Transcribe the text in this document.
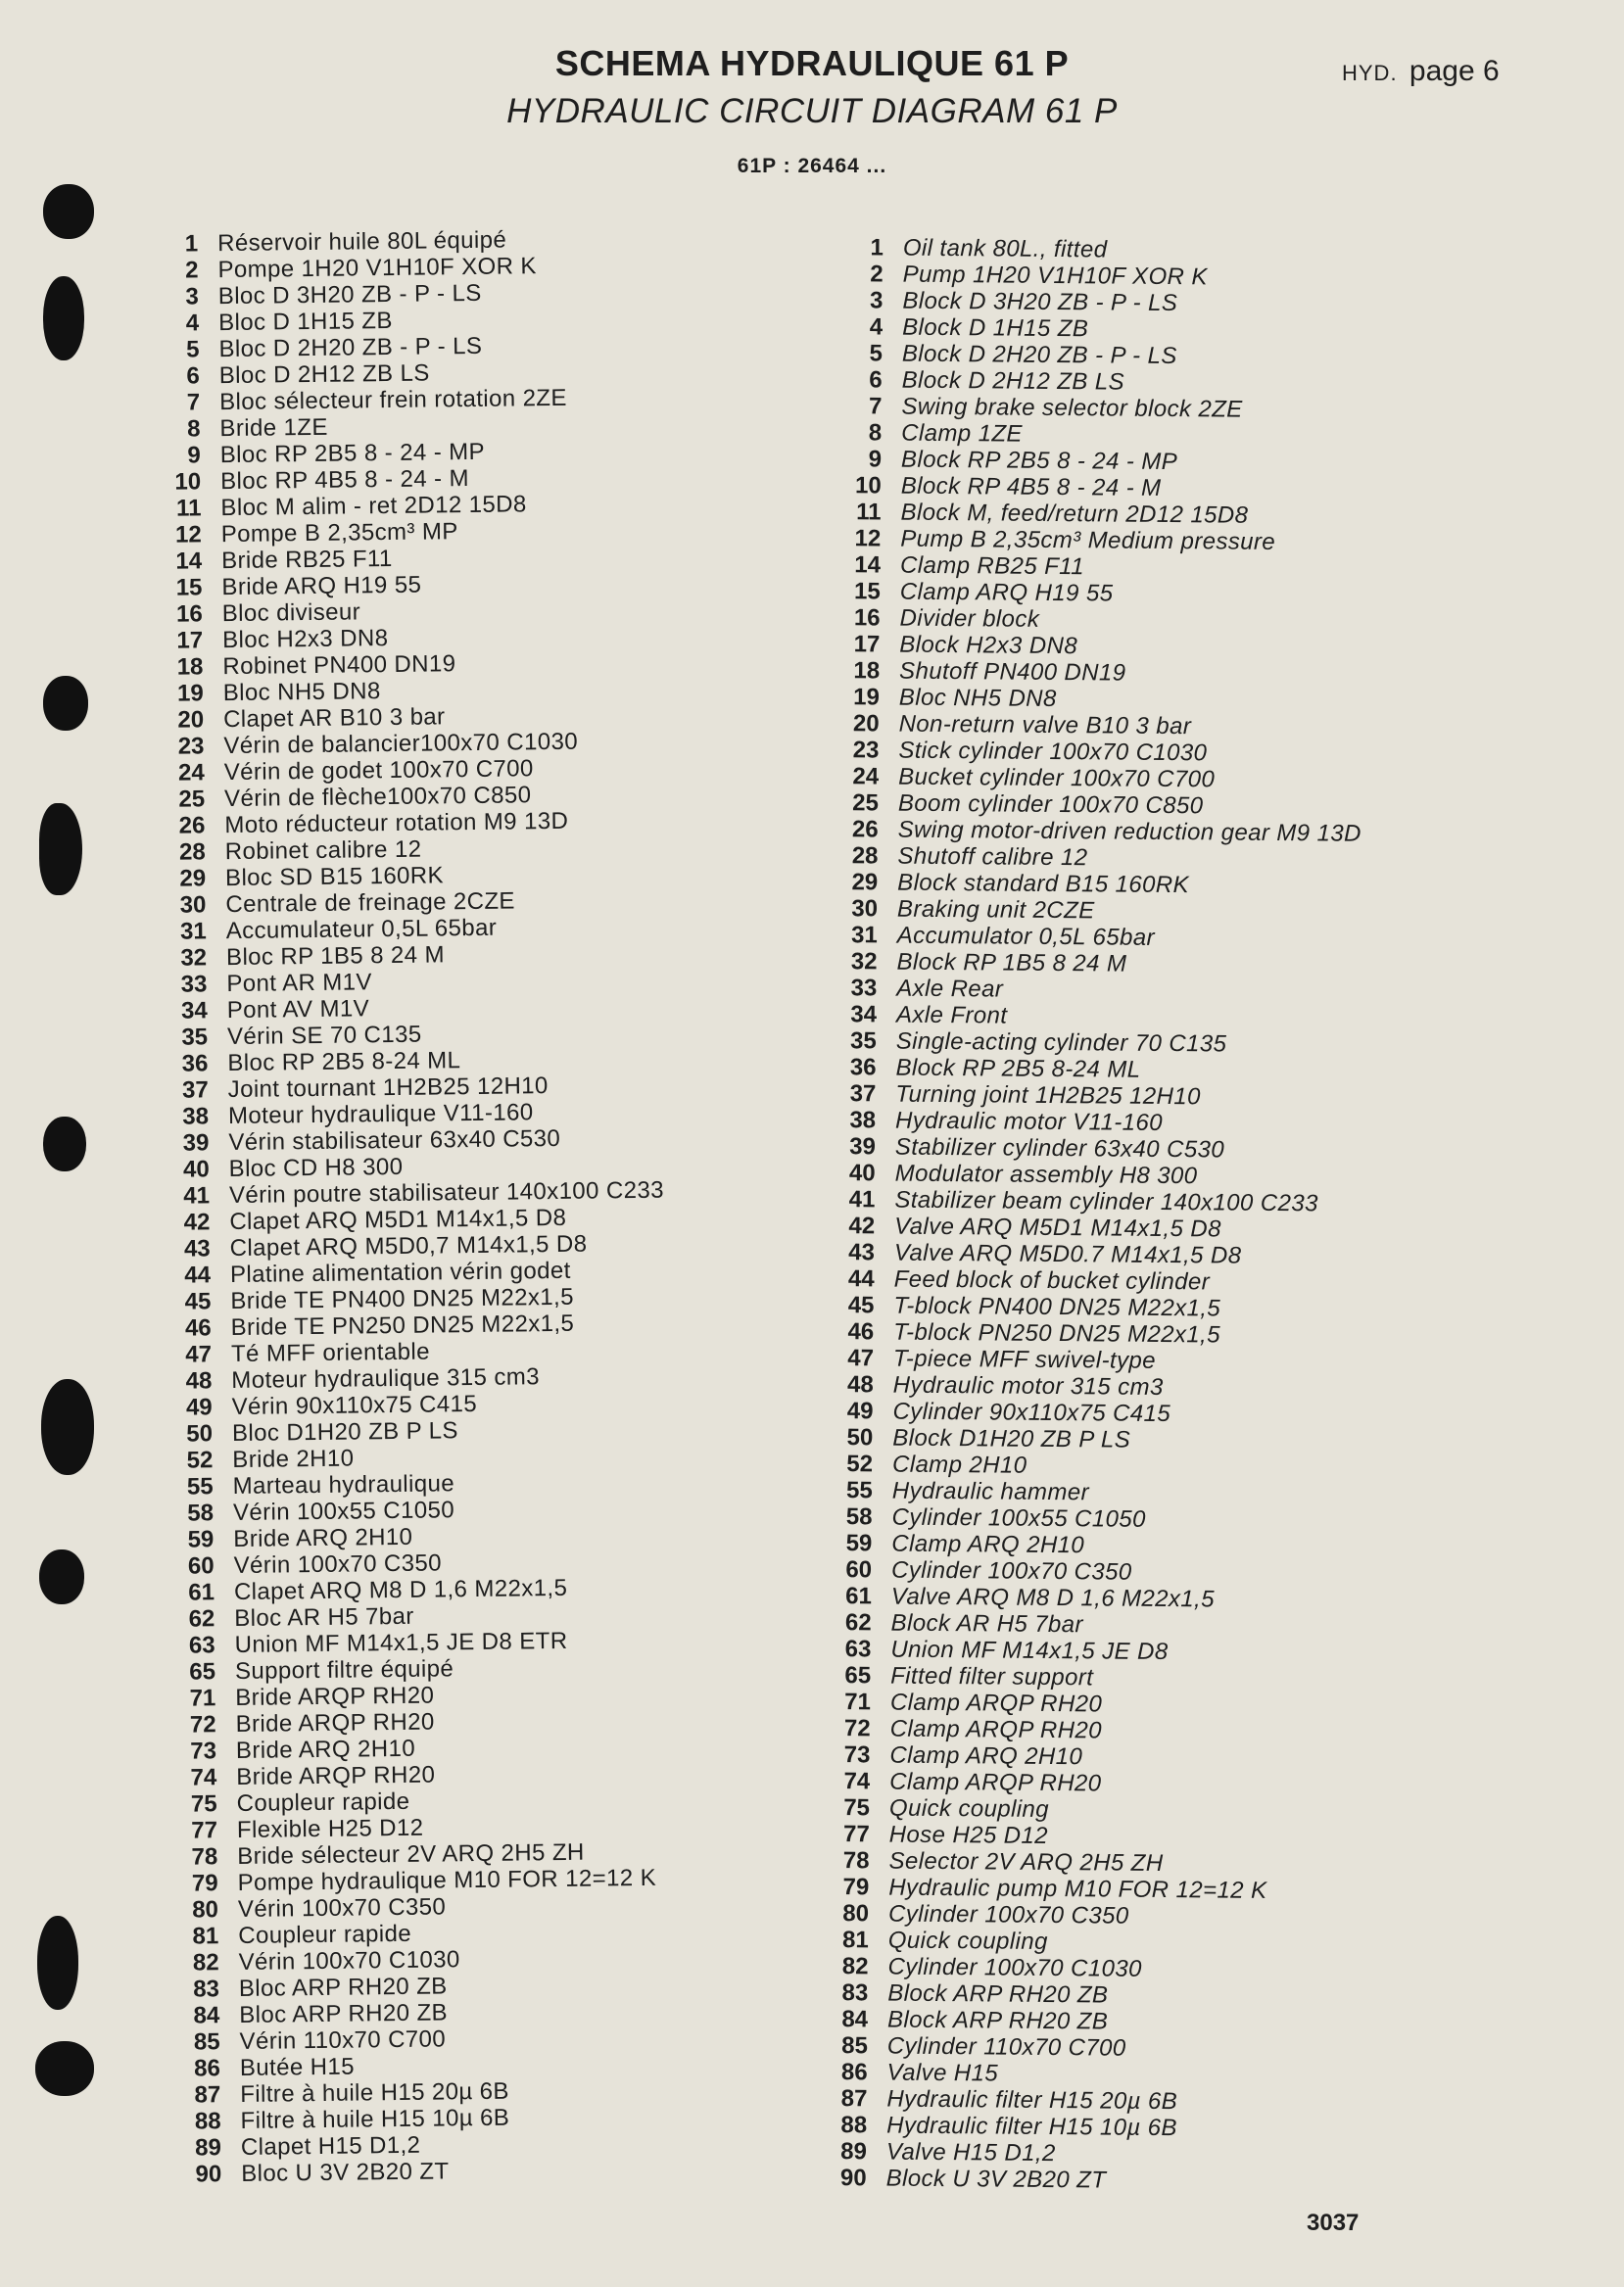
SCHEMA HYDRAULIQUE 61 P
HYDRAULIC CIRCUIT DIAGRAM 61 P
HYD. page 6
61P : 26464 ...
1 Réservoir huile 80L équipé
2 Pompe 1H20 V1H10F XOR K
3 Bloc D 3H20 ZB - P - LS
4 Bloc D 1H15 ZB
5 Bloc D 2H20 ZB - P - LS
6 Bloc D 2H12 ZB LS
7 Bloc sélecteur frein rotation 2ZE
8 Bride 1ZE
9 Bloc RP 2B5 8 - 24 - MP
10 Bloc RP 4B5 8 - 24 - M
11 Bloc M alim - ret 2D12 15D8
12 Pompe B 2,35cm³ MP
14 Bride RB25 F11
15 Bride ARQ H19 55
16 Bloc diviseur
17 Bloc H2x3 DN8
18 Robinet PN400 DN19
19 Bloc NH5 DN8
20 Clapet AR B10 3 bar
23 Vérin de balancier100x70 C1030
24 Vérin de godet 100x70 C700
25 Vérin de flèche100x70 C850
26 Moto réducteur rotation M9 13D
28 Robinet calibre 12
29 Bloc SD B15 160RK
30 Centrale de freinage 2CZE
31 Accumulateur 0,5L 65bar
32 Bloc RP 1B5 8 24 M
33 Pont AR M1V
34 Pont AV M1V
35 Vérin SE 70 C135
36 Bloc RP 2B5 8-24 ML
37 Joint tournant 1H2B25 12H10
38 Moteur hydraulique V11-160
39 Vérin stabilisateur 63x40 C530
40 Bloc CD H8 300
41 Vérin poutre stabilisateur 140x100 C233
42 Clapet ARQ M5D1 M14x1,5 D8
43 Clapet ARQ M5D0,7 M14x1,5 D8
44 Platine alimentation vérin godet
45 Bride TE PN400 DN25 M22x1,5
46 Bride TE PN250 DN25 M22x1,5
47 Té MFF orientable
48 Moteur hydraulique 315 cm3
49 Vérin 90x110x75 C415
50 Bloc D1H20 ZB P LS
52 Bride 2H10
55 Marteau hydraulique
58 Vérin 100x55 C1050
59 Bride ARQ 2H10
60 Vérin 100x70 C350
61 Clapet ARQ M8 D 1,6 M22x1,5
62 Bloc AR H5 7bar
63 Union MF M14x1,5 JE D8 ETR
65 Support filtre équipé
71 Bride ARQP RH20
72 Bride ARQP RH20
73 Bride ARQ 2H10
74 Bride ARQP RH20
75 Coupleur rapide
77 Flexible H25 D12
78 Bride sélecteur 2V ARQ 2H5 ZH
79 Pompe hydraulique M10 FOR 12=12 K
80 Vérin 100x70 C350
81 Coupleur rapide
82 Vérin 100x70 C1030
83 Bloc ARP RH20 ZB
84 Bloc ARP RH20 ZB
85 Vérin 110x70 C700
86 Butée H15
87 Filtre à huile H15 20µ 6B
88 Filtre à huile H15 10µ 6B
89 Clapet H15 D1,2
90 Bloc U 3V 2B20 ZT
1 Oil tank 80L., fitted
2 Pump 1H20 V1H10F XOR K
3 Block D 3H20 ZB - P - LS
4 Block D 1H15 ZB
5 Block D 2H20 ZB - P - LS
6 Block D 2H12 ZB LS
7 Swing brake selector block 2ZE
8 Clamp 1ZE
9 Block RP 2B5 8 - 24 - MP
10 Block RP 4B5 8 - 24 - M
11 Block M, feed/return 2D12 15D8
12 Pump B 2,35cm³ Medium pressure
14 Clamp RB25 F11
15 Clamp ARQ H19 55
16 Divider block
17 Block H2x3 DN8
18 Shutoff PN400 DN19
19 Bloc NH5 DN8
20 Non-return valve B10 3 bar
23 Stick cylinder 100x70 C1030
24 Bucket cylinder 100x70 C700
25 Boom cylinder 100x70 C850
26 Swing motor-driven reduction gear M9 13D
28 Shutoff calibre 12
29 Block standard B15 160RK
30 Braking unit 2CZE
31 Accumulator 0,5L 65bar
32 Block RP 1B5 8 24 M
33 Axle Rear
34 Axle Front
35 Single-acting cylinder 70 C135
36 Block RP 2B5 8-24 ML
37 Turning joint 1H2B25 12H10
38 Hydraulic motor V11-160
39 Stabilizer cylinder 63x40 C530
40 Modulator assembly H8 300
41 Stabilizer beam cylinder 140x100 C233
42 Valve ARQ M5D1 M14x1,5 D8
43 Valve ARQ M5D0.7 M14x1,5 D8
44 Feed block of bucket cylinder
45 T-block PN400 DN25 M22x1,5
46 T-block PN250 DN25 M22x1,5
47 T-piece MFF swivel-type
48 Hydraulic motor 315 cm3
49 Cylinder 90x110x75 C415
50 Block D1H20 ZB P LS
52 Clamp 2H10
55 Hydraulic hammer
58 Cylinder 100x55 C1050
59 Clamp ARQ 2H10
60 Cylinder 100x70 C350
61 Valve ARQ M8 D 1,6 M22x1,5
62 Block AR H5 7bar
63 Union MF M14x1,5 JE D8
65 Fitted filter support
71 Clamp ARQP RH20
72 Clamp ARQP RH20
73 Clamp ARQ 2H10
74 Clamp ARQP RH20
75 Quick coupling
77 Hose H25 D12
78 Selector 2V ARQ 2H5 ZH
79 Hydraulic pump M10 FOR 12=12 K
80 Cylinder 100x70 C350
81 Quick coupling
82 Cylinder 100x70 C1030
83 Block ARP RH20 ZB
84 Block ARP RH20 ZB
85 Cylinder 110x70 C700
86 Valve H15
87 Hydraulic filter H15 20µ 6B
88 Hydraulic filter H15 10µ 6B
89 Valve H15 D1,2
90 Block U 3V 2B20 ZT
3037
